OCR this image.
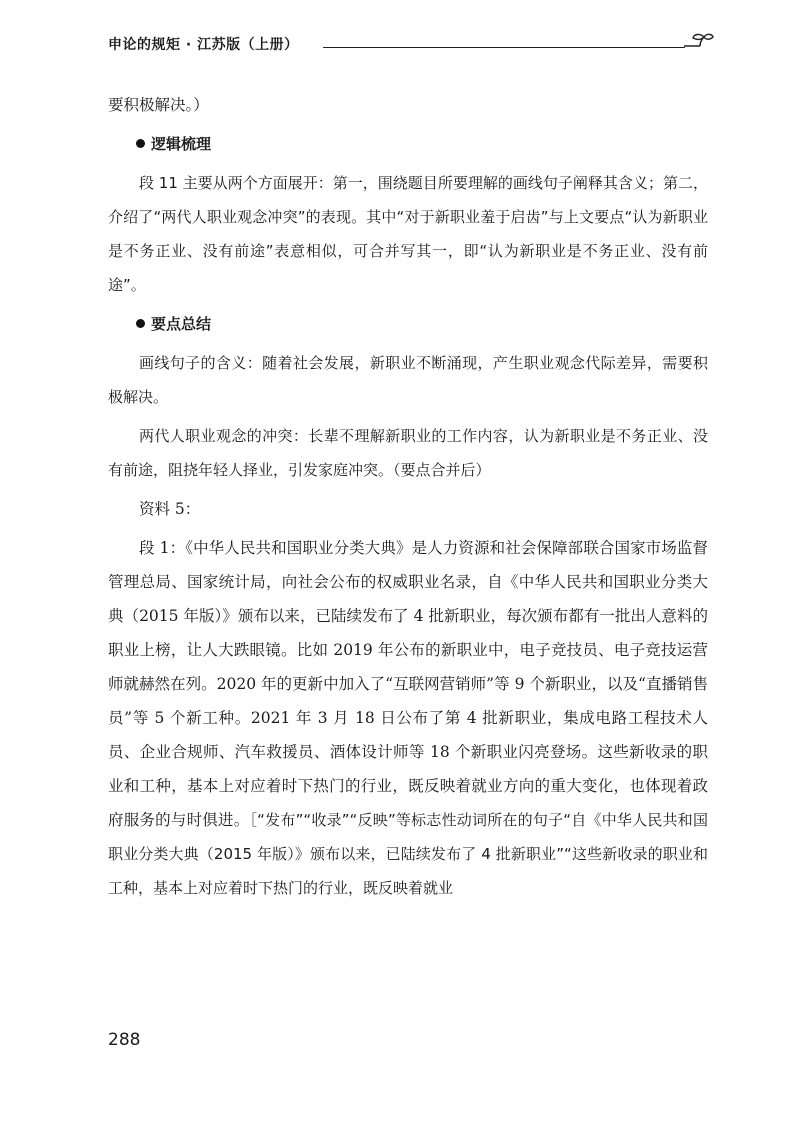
申论的规矩 · 江苏版（上册）

要积极解决。）

逻辑梳理

段 11 主要从两个方面展开：第一，围绕题目所要理解的画线句子阐释其含义；第二，介绍了“两代人职业观念冲突”的表现。其中“对于新职业羞于启齿”与上文要点“认为新职业是不务正业、没有前途”表意相似，可合并写其一，即“认为新职业是不务正业、没有前途”。

要点总结

画线句子的含义：随着社会发展，新职业不断涌现，产生职业观念代际差异，需要积极解决。

两代人职业观念的冲突：长辈不理解新职业的工作内容，认为新职业是不务正业、没有前途，阻挠年轻人择业，引发家庭冲突。（要点合并后）

资料 5：

段 1：《中华人民共和国职业分类大典》是人力资源和社会保障部联合国家市场监督管理总局、国家统计局，向社会公布的权威职业名录，自《中华人民共和国职业分类大典（2015 年版）》颁布以来，已陆续发布了 4 批新职业，每次颁布都有一批出人意料的职业上榜，让人大跌眼镜。比如 2019 年公布的新职业中，电子竞技员、电子竞技运营师就赫然在列。2020 年的更新中加入了“互联网营销师”等 9 个新职业，以及“直播销售员”等 5 个新工种。2021 年 3 月 18 日公布了第 4 批新职业，集成电路工程技术人员、企业合规师、汽车救援员、酒体设计师等 18 个新职业闪亮登场。这些新收录的职业和工种，基本上对应着时下热门的行业，既反映着就业方向的重大变化，也体现着政府服务的与时俱进。［“发布”“收录”“反映”等标志性动词所在的句子“自《中华人民共和国职业分类大典（2015 年版）》颁布以来，已陆续发布了 4 批新职业”“这些新收录的职业和工种，基本上对应着时下热门的行业，既反映着就业

288
